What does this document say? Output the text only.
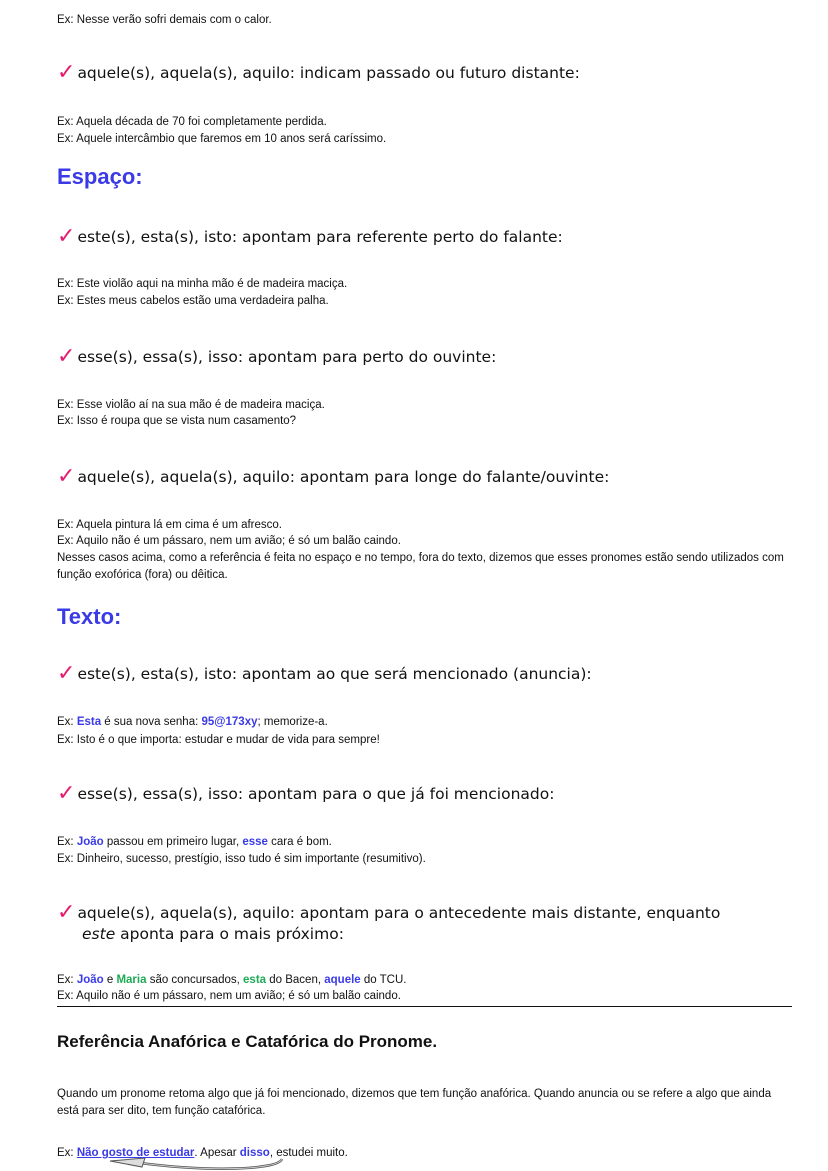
Ex: Nesse verão sofri demais com o calor.
✓ aquele(s), aquela(s), aquilo: indicam passado ou futuro distante:
Ex: Aquela década de 70 foi completamente perdida.
Ex: Aquele intercâmbio que faremos em 10 anos será caríssimo.
Espaço:
✓ este(s), esta(s), isto: apontam para referente perto do falante:
Ex: Este violão aqui na minha mão é de madeira maciça.
Ex: Estes meus cabelos estão uma verdadeira palha.
✓ esse(s), essa(s), isso: apontam para perto do ouvinte:
Ex: Esse violão aí na sua mão é de madeira maciça.
Ex: Isso é roupa que se vista num casamento?
✓ aquele(s), aquela(s), aquilo: apontam para longe do falante/ouvinte:
Ex: Aquela pintura lá em cima é um afresco.
Ex: Aquilo não é um pássaro, nem um avião; é só um balão caindo.
Nesses casos acima, como a referência é feita no espaço e no tempo, fora do texto, dizemos que esses pronomes estão sendo utilizados com função exofórica (fora) ou dêitica.
Texto:
✓ este(s), esta(s), isto: apontam ao que será mencionado (anuncia):
Ex: Esta é sua nova senha: 95@173xy; memorize-a.
Ex: Isto é o que importa: estudar e mudar de vida para sempre!
✓ esse(s), essa(s), isso: apontam para o que já foi mencionado:
Ex: João passou em primeiro lugar, esse cara é bom.
Ex: Dinheiro, sucesso, prestígio, isso tudo é sim importante (resumitivo).
✓ aquele(s), aquela(s), aquilo: apontam para o antecedente mais distante, enquanto
este aponta para o mais próximo:
Ex: João e Maria são concursados, esta do Bacen, aquele do TCU.
Ex: Aquilo não é um pássaro, nem um avião; é só um balão caindo.
Referência Anafórica e Catafórica do Pronome.
Quando um pronome retoma algo que já foi mencionado, dizemos que tem função anafórica. Quando anuncia ou se refere a algo que ainda está para ser dito, tem função catafórica.
Ex: Não gosto de estudar. Apesar disso, estudei muito.
